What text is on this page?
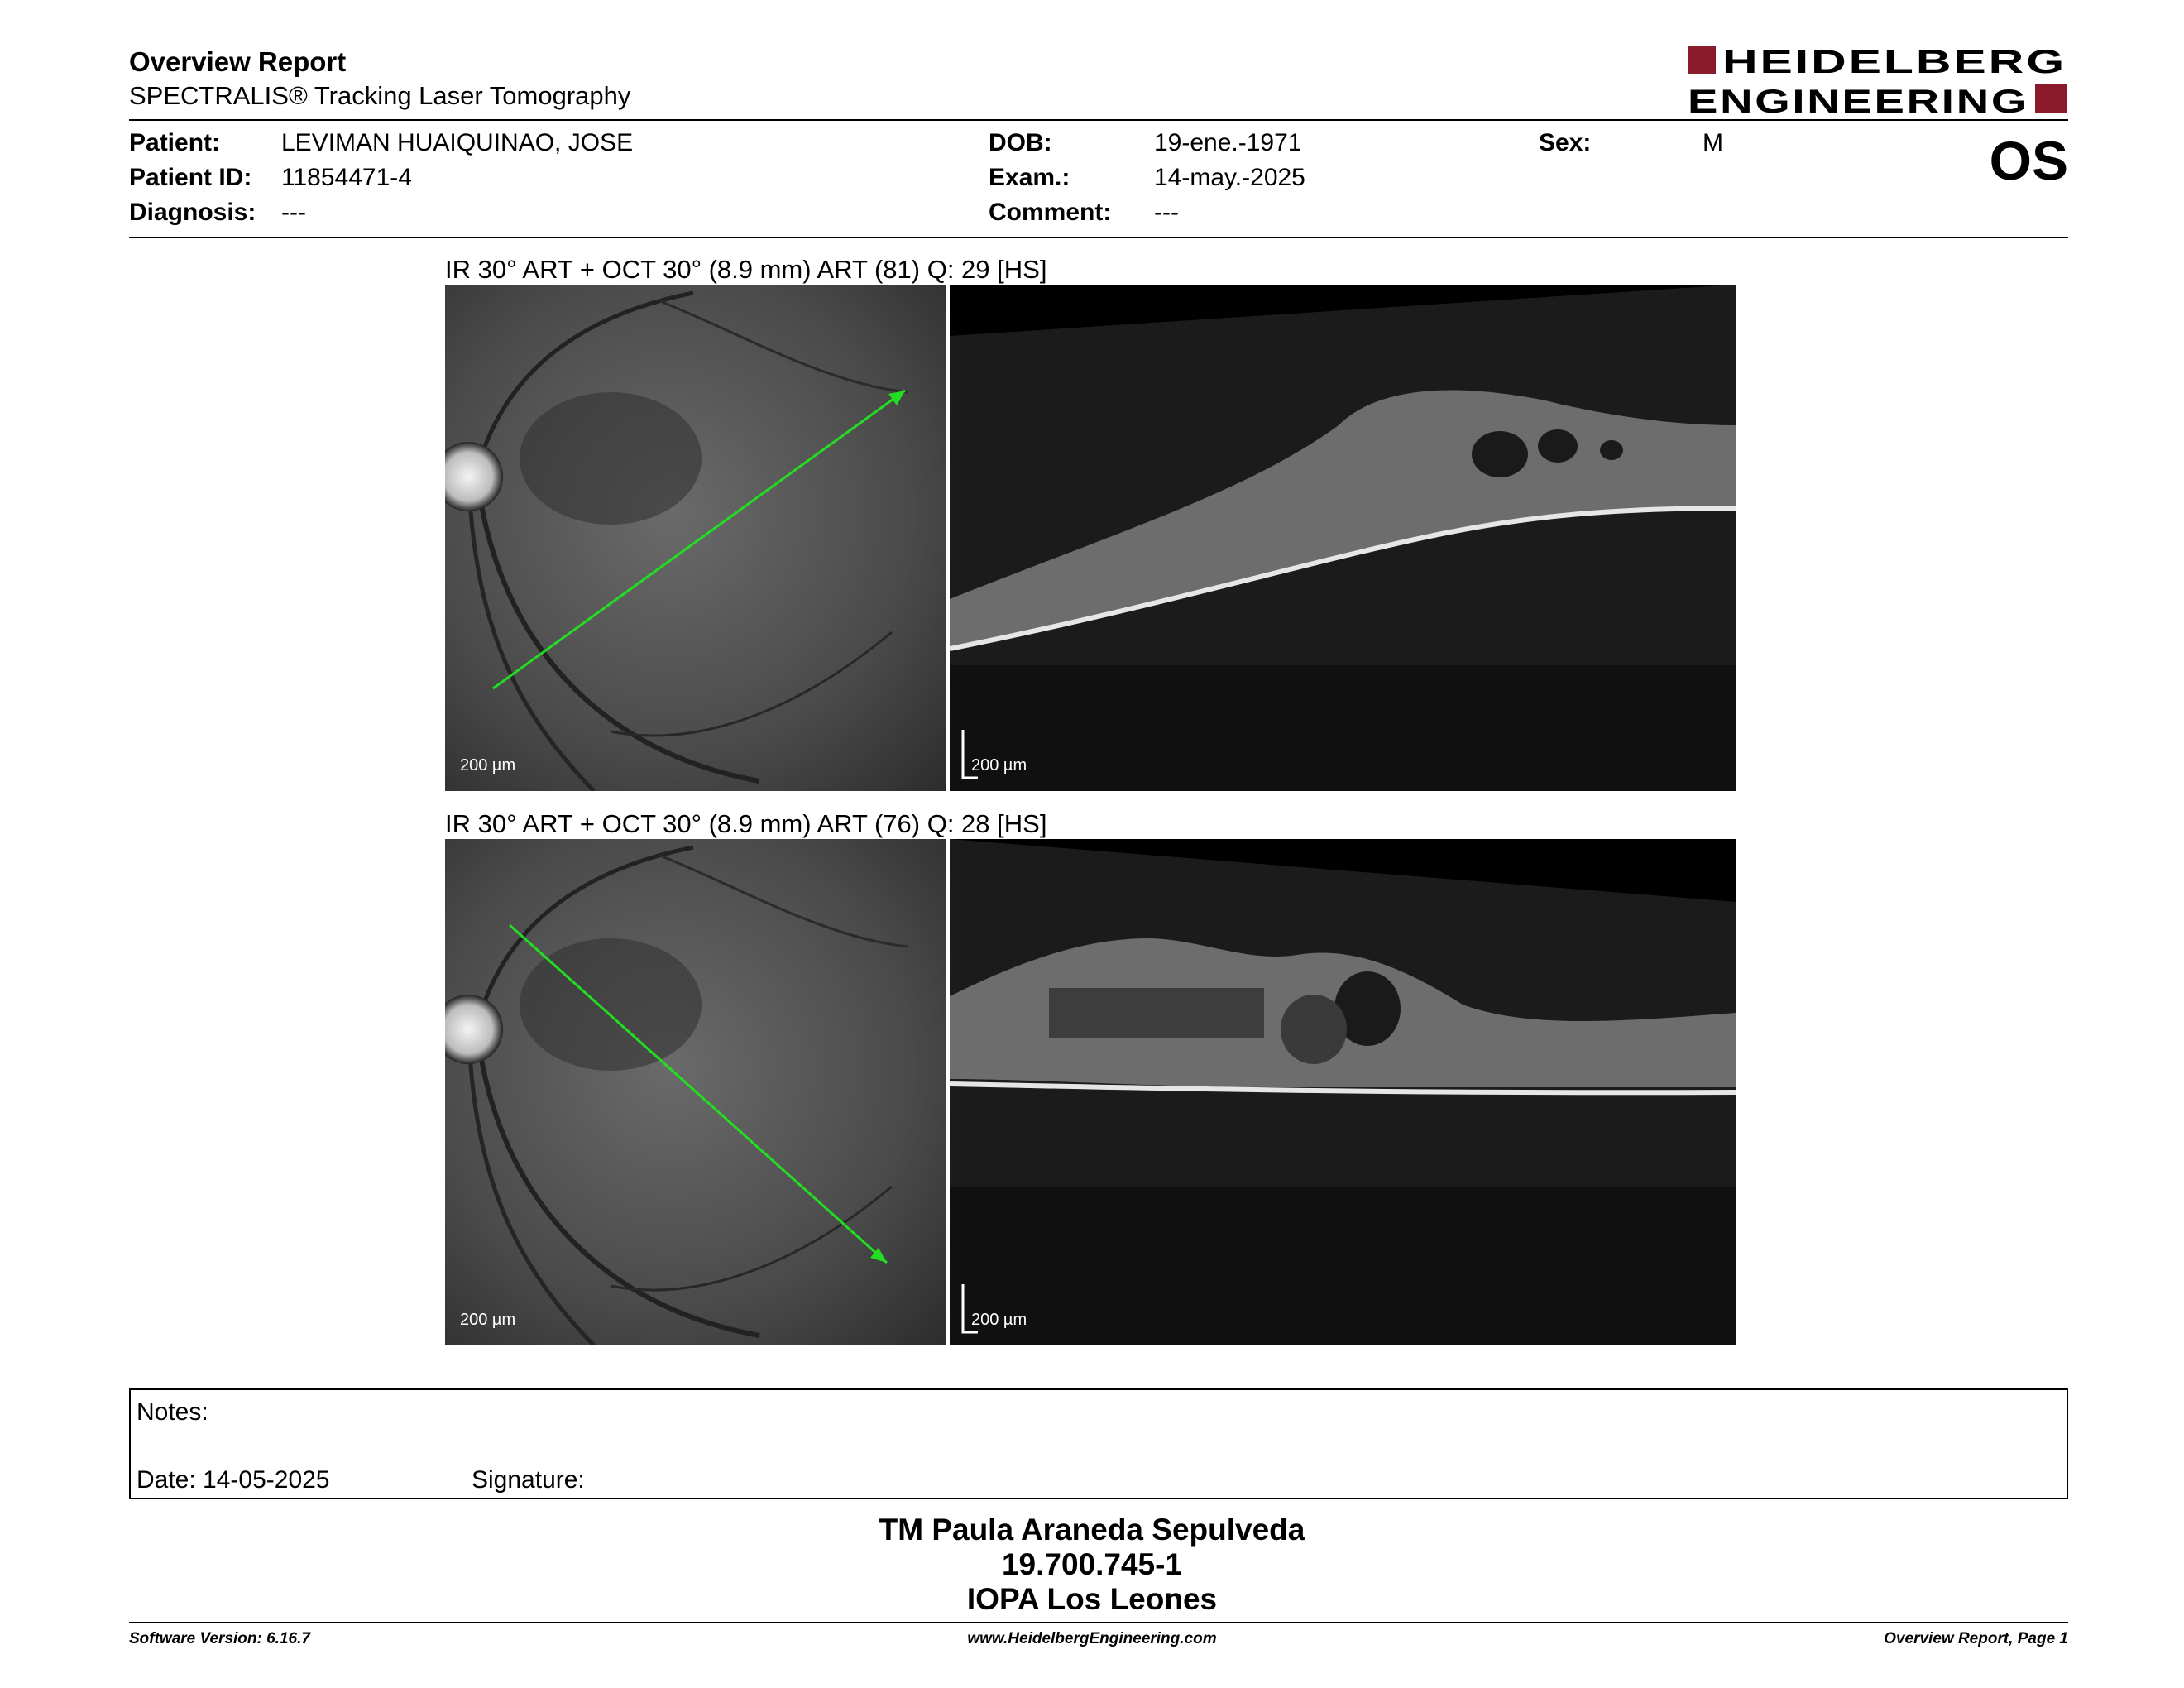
Overview Report
SPECTRALIS® Tracking Laser Tomography
HEIDELBERG
ENGINEERING
Patient: LEVIMAN HUAIQUINAO, JOSE
Patient ID: 11854471-4
Diagnosis: ---
DOB:	19-ene.-1971
Exam.:	14-may.-2025
Comment: ---
Sex:	M	OS
IR 30° ART + OCT 30° (8.9 mm) ART (81) Q: 29 [HS]
200 µm	200 µm
IR 30° ART + OCT 30° (8.9 mm) ART (76) Q: 28 [HS]
200 µm	200 µm
Notes:
Date: 14-05-2025	Signature:
TM Paula Araneda Sepulveda
19.700.745-1
IOPA Los Leones
Software Version: 6.16.7	www.HeidelbergEngineering.com	Overview Report, Page 1
